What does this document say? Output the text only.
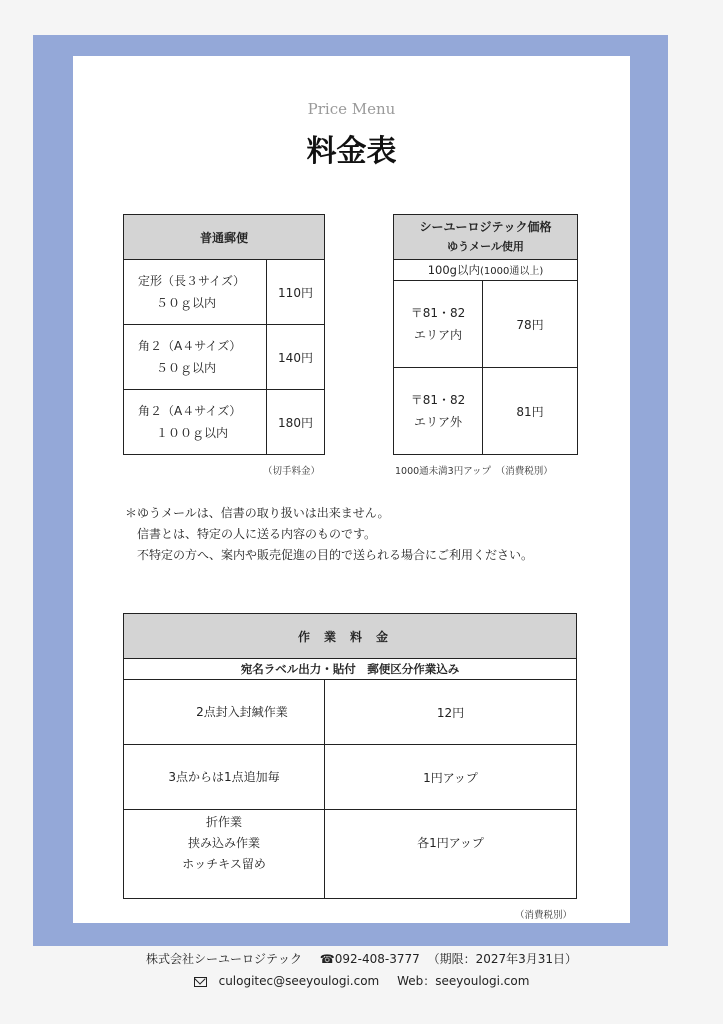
Price Menu
料金表
普通郵便	

定形（長３サイズ）
５０ｇ以内	110円

角２（A４サイズ）
５０ｇ以内	140円

角２（A４サイズ）
１００ｇ以内	180円
（切手料金）
シーユーロジテック価格
ゆうメール使用	

100g以内(1000通以上)	

〒81・82
エリア内	78円

〒81・82
エリア外	81円
1000通未満3円アップ　（消費税別）
＊ゆうメールは、信書の取り扱いは出来ません。
　信書とは、特定の人に送る内容のものです。
　不特定の方へ、案内や販売促進の目的で送られる場合にご利用ください。
作業料金	
宛名ラベル出力・貼付　郵便区分作業込み	
2点封入封緘作業	12円
3点からは1点追加毎	1円アップ

折作業
挟み込み作業
ホッチキス留め	各1円アップ
（消費税別）
株式会社シーユーロジテック ☎092-408-3777 （期限：2027年3月31日）
culogitec@seeyoulogi.com Web：seeyoulogi.com
